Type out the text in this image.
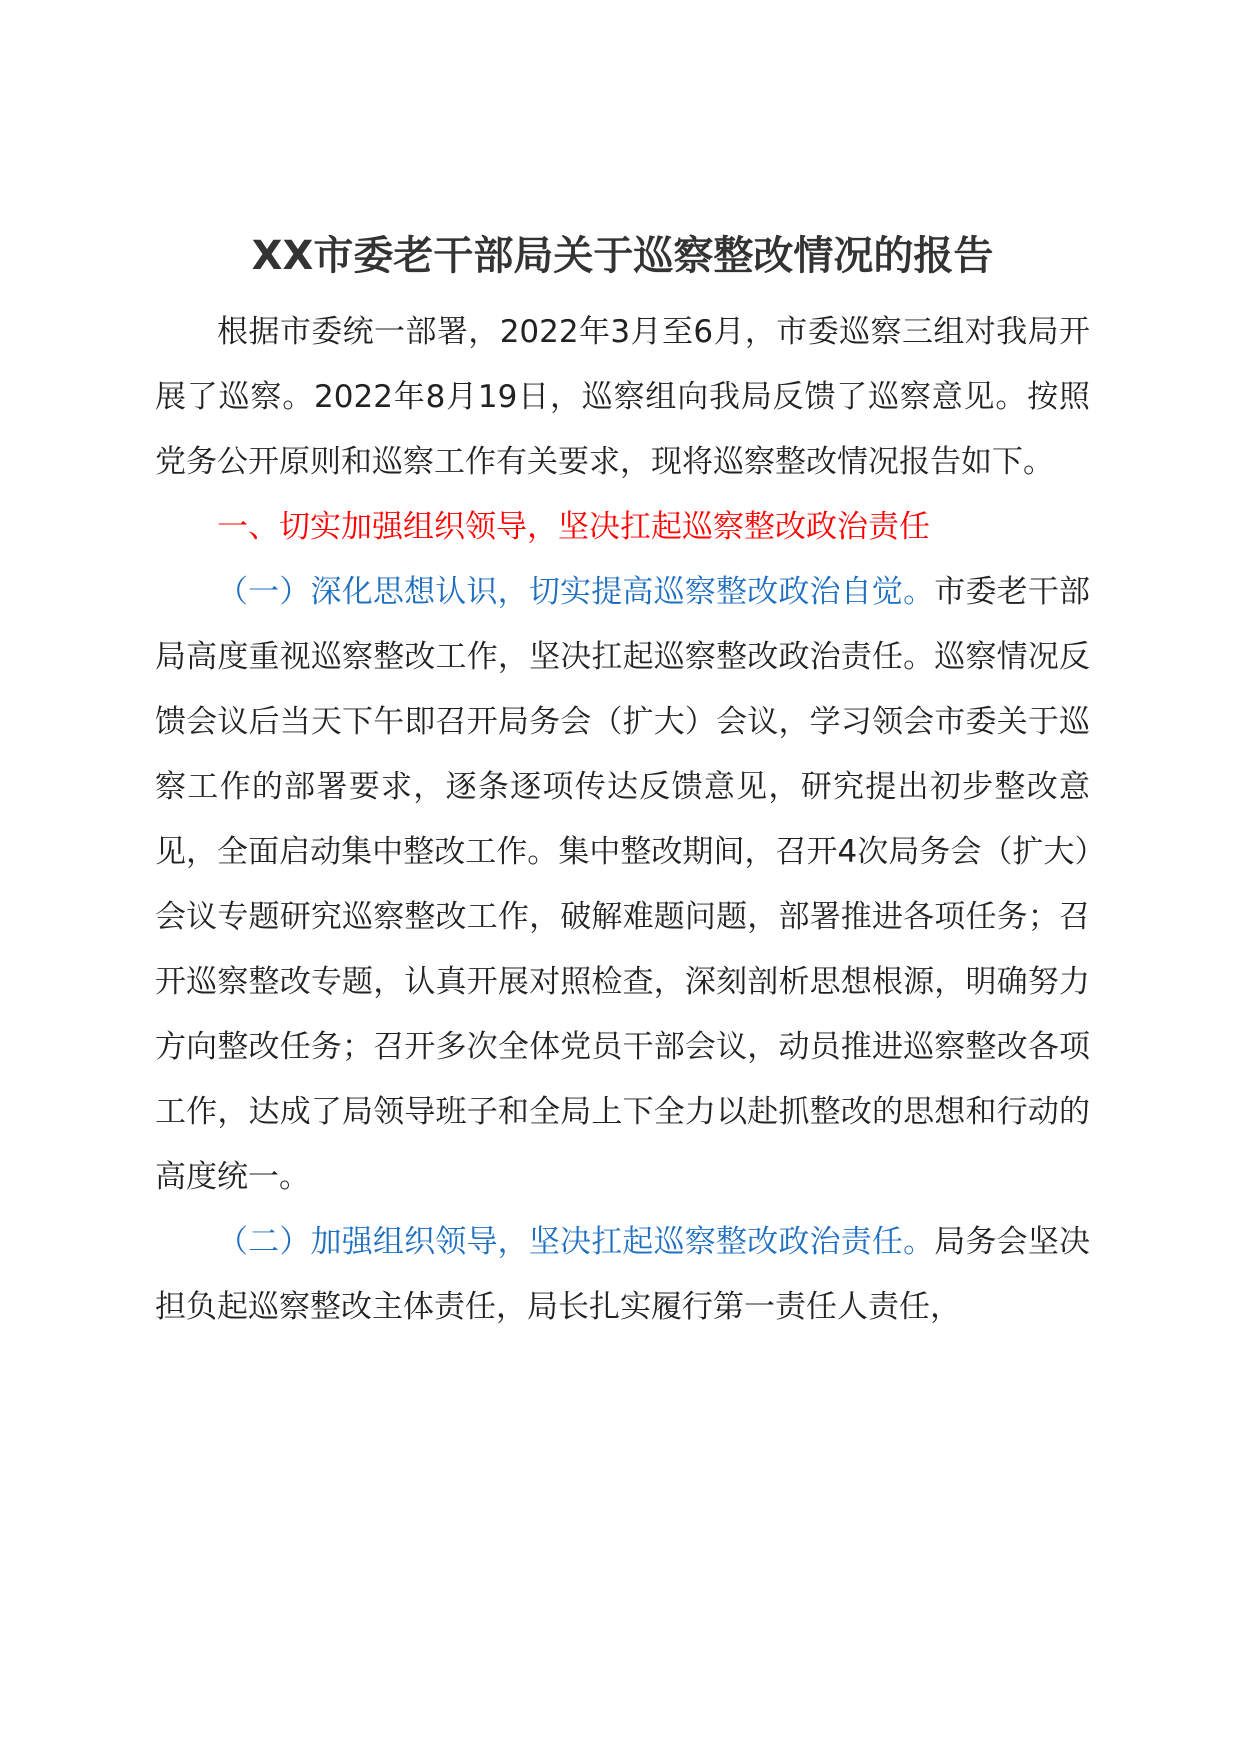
XX市委老干部局关于巡察整改情况的报告

根据市委统一部署，2022年3月至6月，市委巡察三组对我局开展了巡察。2022年8月19日，巡察组向我局反馈了巡察意见。按照党务公开原则和巡察工作有关要求，现将巡察整改情况报告如下。

一、切实加强组织领导，坚决扛起巡察整改政治责任

（一）深化思想认识，切实提高巡察整改政治自觉。市委老干部局高度重视巡察整改工作，坚决扛起巡察整改政治责任。巡察情况反馈会议后当天下午即召开局务会（扩大）会议，学习领会市委关于巡察工作的部署要求，逐条逐项传达反馈意见，研究提出初步整改意见，全面启动集中整改工作。集中整改期间，召开4次局务会（扩大）会议专题研究巡察整改工作，破解难题问题，部署推进各项任务；召开巡察整改专题，认真开展对照检查，深刻剖析思想根源，明确努力方向整改任务；召开多次全体党员干部会议，动员推进巡察整改各项工作，达成了局领导班子和全局上下全力以赴抓整改的思想和行动的高度统一。

（二）加强组织领导，坚决扛起巡察整改政治责任。局务会坚决担负起巡察整改主体责任，局长扎实履行第一责任人责任，
